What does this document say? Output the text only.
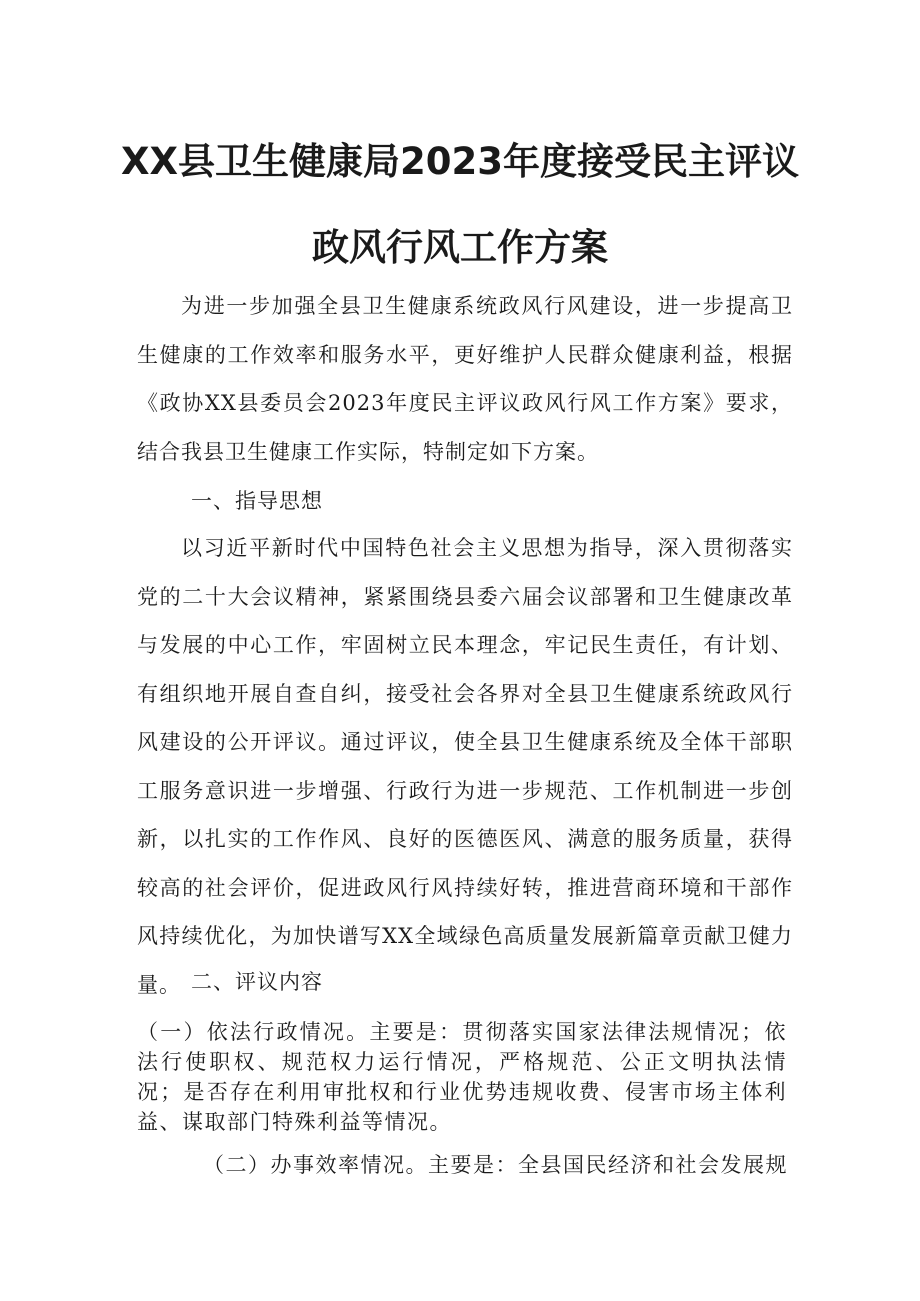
XX县卫生健康局2023年度接受民主评议
政风行风工作方案

为进一步加强全县卫生健康系统政风行风建设，进一步提高卫生健康的工作效率和服务水平，更好维护人民群众健康利益，根据《政协XX县委员会2023年度民主评议政风行风工作方案》要求，结合我县卫生健康工作实际，特制定如下方案。

一、指导思想

以习近平新时代中国特色社会主义思想为指导，深入贯彻落实党的二十大会议精神，紧紧围绕县委六届会议部署和卫生健康改革与发展的中心工作，牢固树立民本理念，牢记民生责任，有计划、有组织地开展自查自纠，接受社会各界对全县卫生健康系统政风行风建设的公开评议。通过评议，使全县卫生健康系统及全体干部职工服务意识进一步增强、行政行为进一步规范、工作机制进一步创新，以扎实的工作作风、良好的医德医风、满意的服务质量，获得较高的社会评价，促进政风行风持续好转，推进营商环境和干部作风持续优化，为加快谱写XX全域绿色高质量发展新篇章贡献卫健力量。 二、评议内容

（一）依法行政情况。主要是：贯彻落实国家法律法规情况；依法行使职权、规范权力运行情况，严格规范、公正文明执法情况；是否存在利用审批权和行业优势违规收费、侵害市场主体利益、谋取部门特殊利益等情况。

（二）办事效率情况。主要是：全县国民经济和社会发展规
